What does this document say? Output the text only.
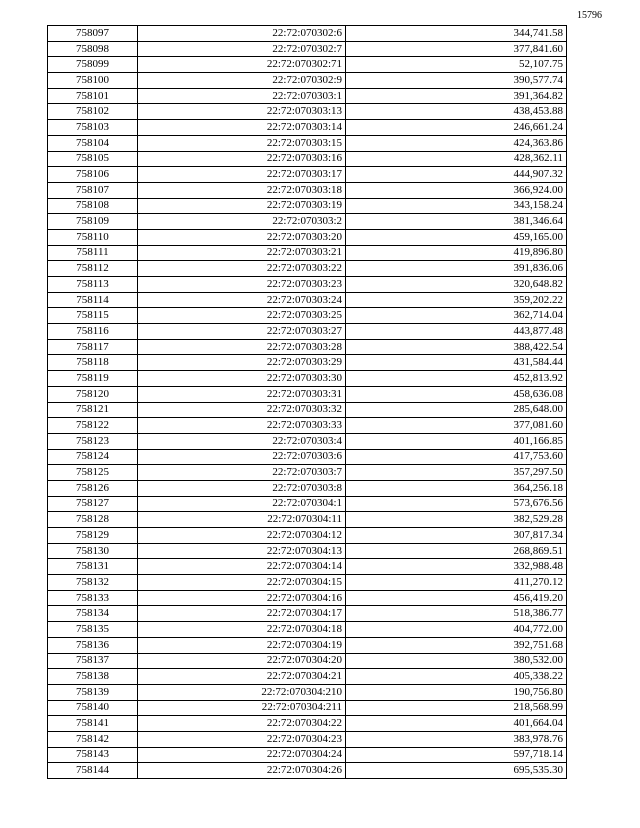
15796
758097	22:72:070302:6	344,741.58
758098	22:72:070302:7	377,841.60
758099	22:72:070302:71	52,107.75
758100	22:72:070302:9	390,577.74
758101	22:72:070303:1	391,364.82
758102	22:72:070303:13	438,453.88
758103	22:72:070303:14	246,661.24
758104	22:72:070303:15	424,363.86
758105	22:72:070303:16	428,362.11
758106	22:72:070303:17	444,907.32
758107	22:72:070303:18	366,924.00
758108	22:72:070303:19	343,158.24
758109	22:72:070303:2	381,346.64
758110	22:72:070303:20	459,165.00
758111	22:72:070303:21	419,896.80
758112	22:72:070303:22	391,836.06
758113	22:72:070303:23	320,648.82
758114	22:72:070303:24	359,202.22
758115	22:72:070303:25	362,714.04
758116	22:72:070303:27	443,877.48
758117	22:72:070303:28	388,422.54
758118	22:72:070303:29	431,584.44
758119	22:72:070303:30	452,813.92
758120	22:72:070303:31	458,636.08
758121	22:72:070303:32	285,648.00
758122	22:72:070303:33	377,081.60
758123	22:72:070303:4	401,166.85
758124	22:72:070303:6	417,753.60
758125	22:72:070303:7	357,297.50
758126	22:72:070303:8	364,256.18
758127	22:72:070304:1	573,676.56
758128	22:72:070304:11	382,529.28
758129	22:72:070304:12	307,817.34
758130	22:72:070304:13	268,869.51
758131	22:72:070304:14	332,988.48
758132	22:72:070304:15	411,270.12
758133	22:72:070304:16	456,419.20
758134	22:72:070304:17	518,386.77
758135	22:72:070304:18	404,772.00
758136	22:72:070304:19	392,751.68
758137	22:72:070304:20	380,532.00
758138	22:72:070304:21	405,338.22
758139	22:72:070304:210	190,756.80
758140	22:72:070304:211	218,568.99
758141	22:72:070304:22	401,664.04
758142	22:72:070304:23	383,978.76
758143	22:72:070304:24	597,718.14
758144	22:72:070304:26	695,535.30
